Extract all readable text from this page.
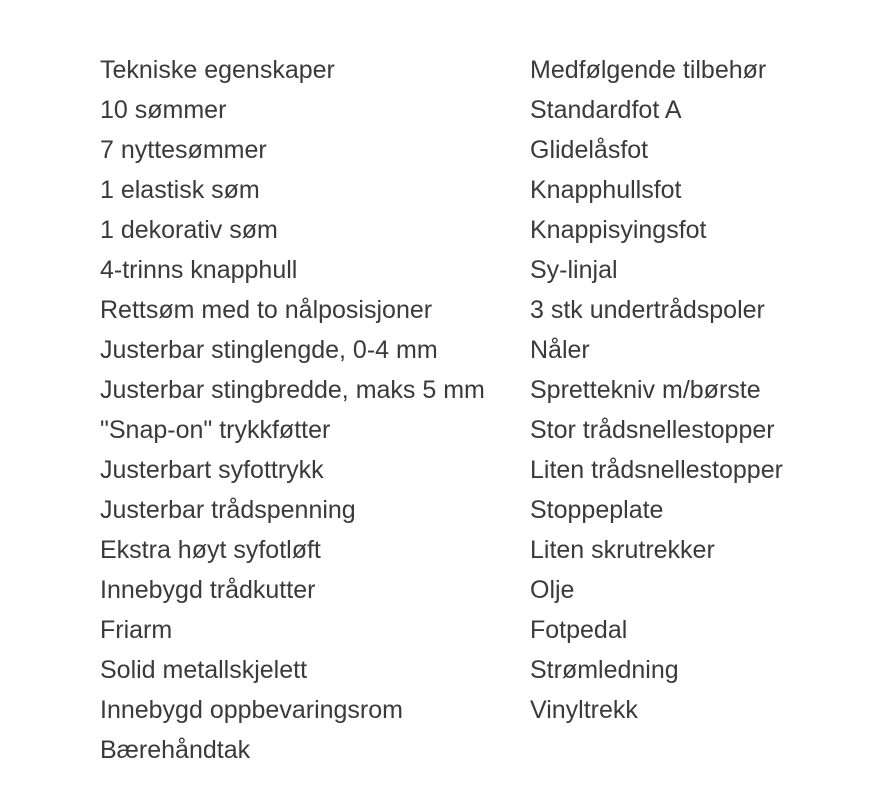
Tekniske egenskaper
10 sømmer
7 nyttesømmer
1 elastisk søm
1 dekorativ søm
4-trinns knapphull
Rettsøm med to nålposisjoner
Justerbar stinglengde, 0-4 mm
Justerbar stingbredde, maks 5 mm
"Snap-on" trykkføtter
Justerbart syfottrykk
Justerbar trådspenning
Ekstra høyt syfotløft
Innebygd trådkutter
Friarm
Solid metallskjelett
Innebygd oppbevaringsrom
Bærehåndtak
Medfølgende tilbehør
Standardfot A
Glidelåsfot
Knapphullsfot
Knappisyingsfot
Sy-linjal
3 stk undertrådspoler
Nåler
Sprettekniv m/børste
Stor trådsnellestopper
Liten trådsnellestopper
Stoppeplate
Liten skrutrekker
Olje
Fotpedal
Strømledning
Vinyltrekk
